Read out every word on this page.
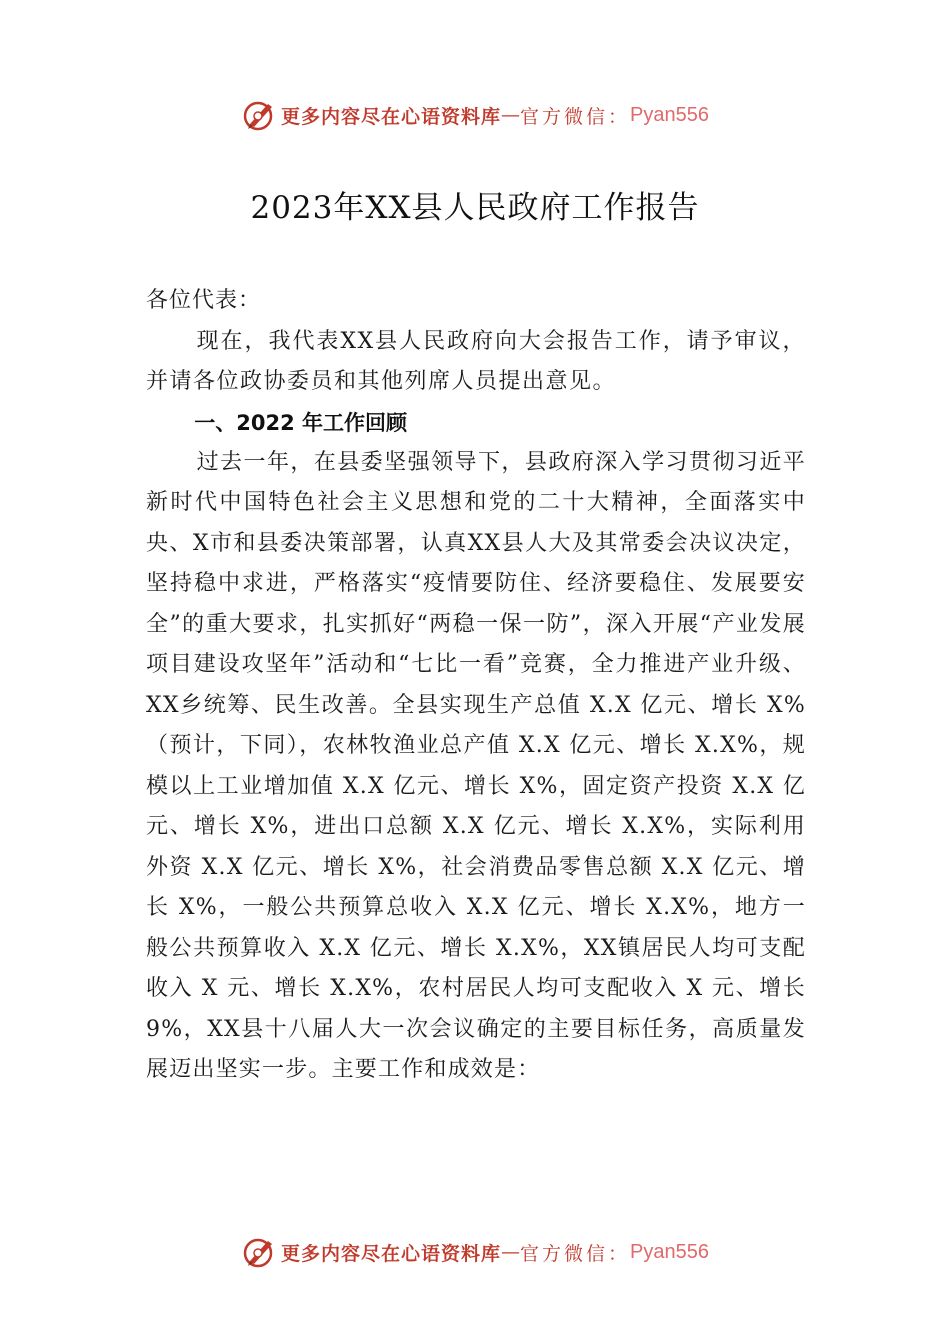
更多内容尽在心语资料库 — 官方微信： Pyan556
2023年XX县人民政府工作报告

各位代表：

现在，我代表XX县人民政府向大会报告工作，请予审议，并请各位政协委员和其他列席人员提出意见。

一、2022 年工作回顾

过去一年，在县委坚强领导下，县政府深入学习贯彻习近平新时代中国特色社会主义思想和党的二十大精神，全面落实中央、X市和县委决策部署，认真XX县人大及其常委会决议决定，坚持稳中求进，严格落实“疫情要防住、经济要稳住、发展要安全”的重大要求，扎实抓好“两稳一保一防”，深入开展“产业发展项目建设攻坚年”活动和“七比一看”竞赛，全力推进产业升级、XX乡统筹、民生改善。全县实现生产总值 X.X 亿元、增长 X%（预计，下同），农林牧渔业总产值 X.X 亿元、增长 X.X%，规模以上工业增加值 X.X 亿元、增长 X%，固定资产投资 X.X 亿元、增长 X%，进出口总额 X.X 亿元、增长 X.X%，实际利用外资 X.X 亿元、增长 X%，社会消费品零售总额 X.X 亿元、增长 X%，一般公共预算总收入 X.X 亿元、增长 X.X%，地方一般公共预算收入 X.X 亿元、增长 X.X%，XX镇居民人均可支配收入 X 元、增长 X.X%，农村居民人均可支配收入 X 元、增长 9%，XX县十八届人大一次会议确定的主要目标任务，高质量发展迈出坚实一步。主要工作和成效是：

更多内容尽在心语资料库 — 官方微信： Pyan556
